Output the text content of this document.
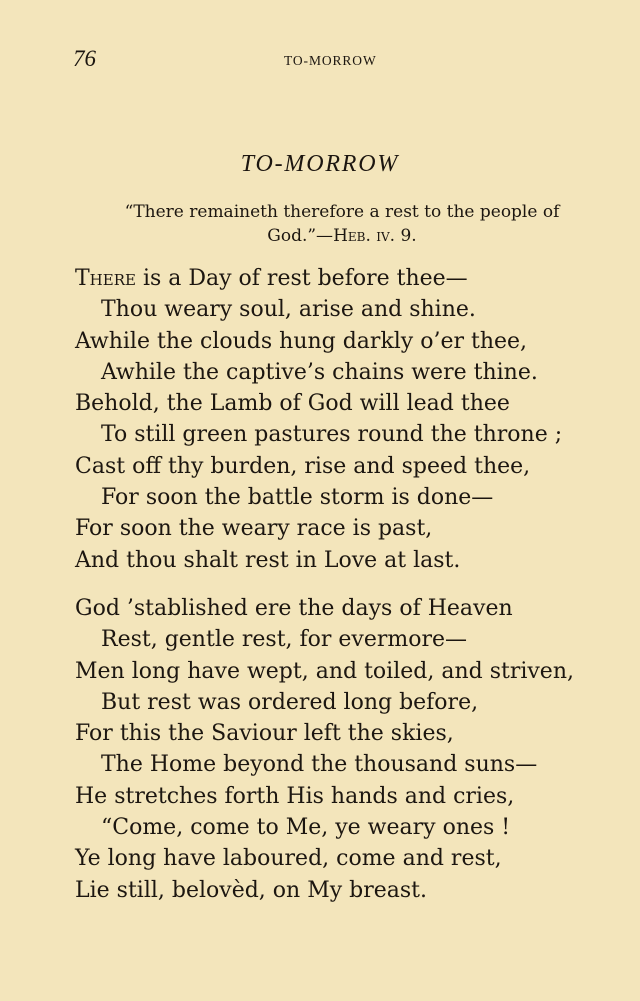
76	TO-MORROW
TO-MORROW
“There remaineth therefore a rest to the people of
God.”—Heb. iv. 9.
There is a Day of rest before thee—
Thou weary soul, arise and shine.
Awhile the clouds hung darkly o’er thee,
Awhile the captive’s chains were thine.
Behold, the Lamb of God will lead thee
To still green pastures round the throne ;
Cast off thy burden, rise and speed thee,
For soon the battle storm is done—
For soon the weary race is past,
And thou shalt rest in Love at last.
God ’stablished ere the days of Heaven
Rest, gentle rest, for evermore—
Men long have wept, and toiled, and striven,
But rest was ordered long before,
For this the Saviour left the skies,
The Home beyond the thousand suns—
He stretches forth His hands and cries,
“Come, come to Me, ye weary ones !
Ye long have laboured, come and rest,
Lie still, belovèd, on My breast.
